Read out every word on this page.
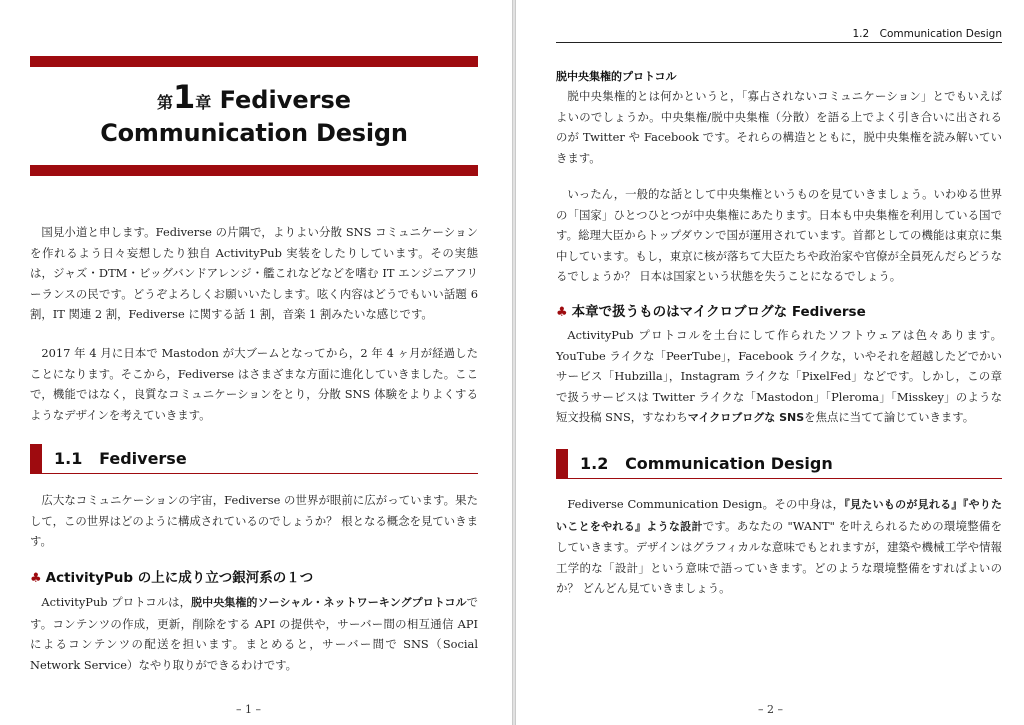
第1章 Fediverse
Communication Design
国見小道と申します。Fediverse の片隅で，よりよい分散 SNS コミュニケーションを作れるよう日々妄想したり独自 ActivityPub 実装をしたりしています。その実態は，ジャズ・DTM・ビッグバンドアレンジ・艦これなどなどを嗜む IT エンジニアフリーランスの民です。どうぞよろしくお願いいたします。呟く内容はどうでもいい話題 6 割，IT 関連 2 割，Fediverse に関する話 1 割，音楽 1 割みたいな感じです。
2017 年 4 月に日本で Mastodon が大ブームとなってから，2 年 4 ヶ月が経過したことになります。そこから，Fediverse はさまざまな方面に進化していきました。ここで，機能ではなく，良質なコミュニケーションをとり，分散 SNS 体験をよりよくするようなデザインを考えていきます。
1.1 Fediverse
広大なコミュニケーションの宇宙，Fediverse の世界が眼前に広がっています。果たして，この世界はどのように構成されているのでしょうか？ 根となる概念を見ていきます。
♣ ActivityPub の上に成り立つ銀河系の１つ
ActivityPub プロトコルは，脱中央集権的ソーシャル・ネットワーキングプロトコルです。コンテンツの作成，更新，削除をする API の提供や，サーバー間の相互通信 API によるコンテンツの配送を担います。まとめると，サーバー間で SNS（Social Network Service）なやり取りができるわけです。
– 1 –
1.2　Communication Design
脱中央集権的プロトコル
脱中央集権的とは何かというと，「寡占されないコミュニケーション」とでもいえばよいのでしょうか。中央集権/脱中央集権（分散）を語る上でよく引き合いに出されるのが Twitter や Facebook です。それらの構造とともに，脱中央集権を読み解いていきます。
いったん，一般的な話として中央集権というものを見ていきましょう。いわゆる世界の「国家」ひとつひとつが中央集権にあたります。日本も中央集権を利用している国です。総理大臣からトップダウンで国が運用されています。首都としての機能は東京に集中しています。もし，東京に核が落ちて大臣たちや政治家や官僚が全員死んだらどうなるでしょうか？ 日本は国家という状態を失うことになるでしょう。
♣ 本章で扱うものはマイクロブログな Fediverse
ActivityPub プロトコルを土台にして作られたソフトウェアは色々あります。YouTube ライクな「PeerTube」，Facebook ライクな，いやそれを超越したどでかいサービス「Hubzilla」，Instagram ライクな「PixelFed」などです。しかし，この章で扱うサービスは Twitter ライクな「Mastodon」「Pleroma」「Misskey」のような短文投稿 SNS，すなわちマイクロブログな SNSを焦点に当てて論じていきます。
1.2 Communication Design
Fediverse Communication Design。その中身は，『見たいものが見れる』『やりたいことをやれる』ような設計です。あなたの "WANT" を叶えられるための環境整備をしていきます。デザインはグラフィカルな意味でもとれますが，建築や機械工学や情報工学的な「設計」という意味で語っていきます。どのような環境整備をすればよいのか？ どんどん見ていきましょう。
– 2 –
